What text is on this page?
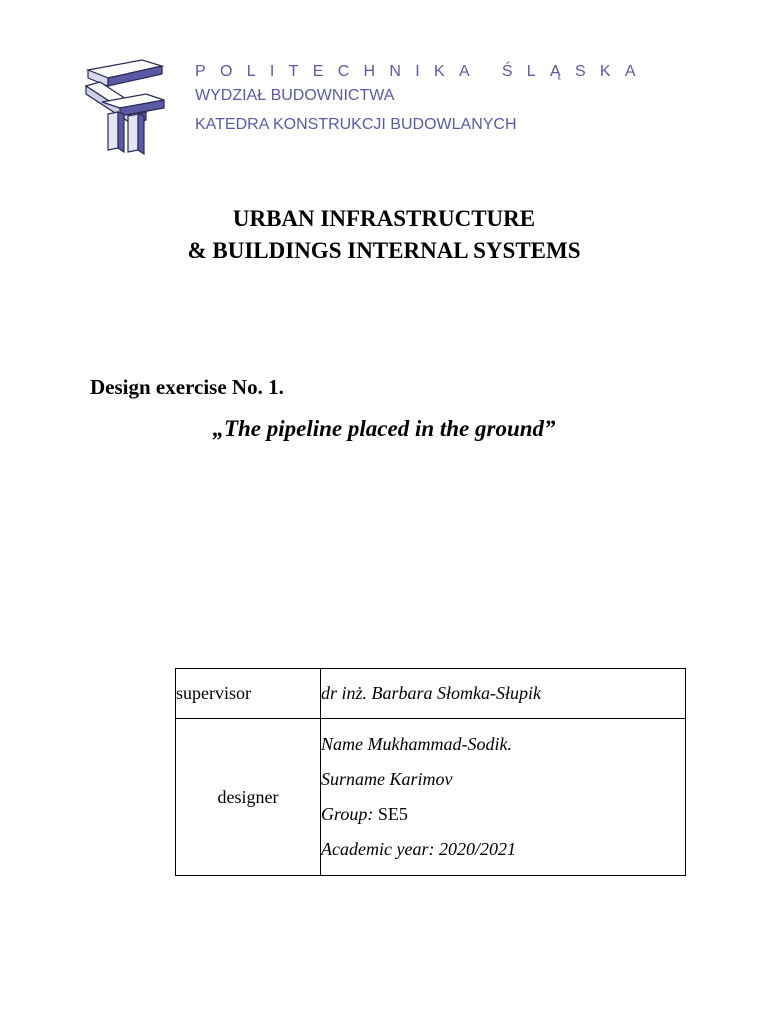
POLITECHNIKA ŚLĄSKA
WYDZIAŁ BUDOWNICTWA
KATEDRA KONSTRUKCJI BUDOWLANYCH
URBAN INFRASTRUCTURE
& BUILDINGS INTERNAL SYSTEMS
Design exercise No. 1.
„The pipeline placed in the ground”
supervisor	dr inż. Barbara Słomka-Słupik
designer	Name Mukhammad-Sodik.
Surname Karimov
Group: SE5
Academic year: 2020/2021
